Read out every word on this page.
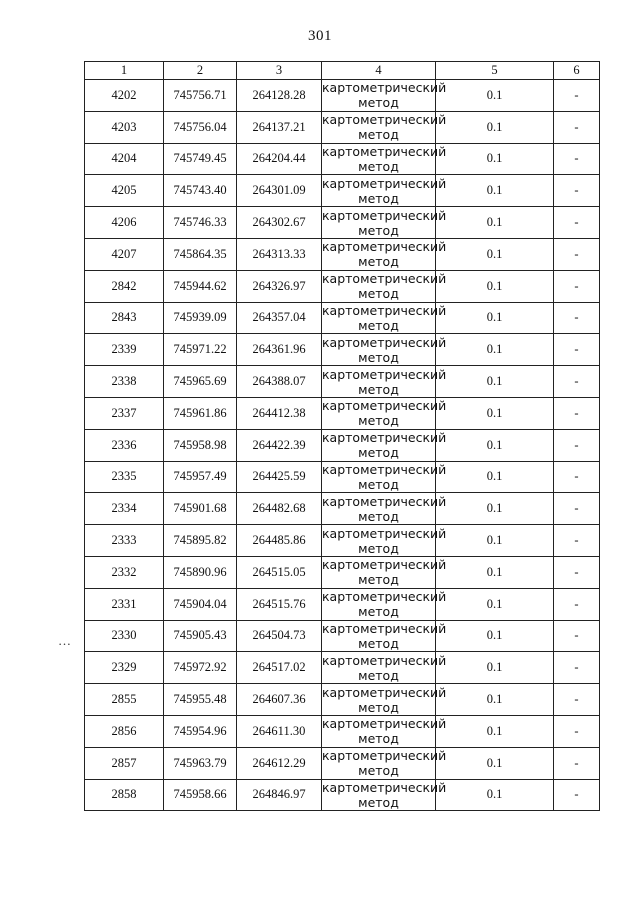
301
…
1	2	3	4	5	6
4202	745756.71	264128.28	картометрический
метод	0.1	-
4203	745756.04	264137.21	картометрический
метод	0.1	-
4204	745749.45	264204.44	картометрический
метод	0.1	-
4205	745743.40	264301.09	картометрический
метод	0.1	-
4206	745746.33	264302.67	картометрический
метод	0.1	-
4207	745864.35	264313.33	картометрический
метод	0.1	-
2842	745944.62	264326.97	картометрический
метод	0.1	-
2843	745939.09	264357.04	картометрический
метод	0.1	-
2339	745971.22	264361.96	картометрический
метод	0.1	-
2338	745965.69	264388.07	картометрический
метод	0.1	-
2337	745961.86	264412.38	картометрический
метод	0.1	-
2336	745958.98	264422.39	картометрический
метод	0.1	-
2335	745957.49	264425.59	картометрический
метод	0.1	-
2334	745901.68	264482.68	картометрический
метод	0.1	-
2333	745895.82	264485.86	картометрический
метод	0.1	-
2332	745890.96	264515.05	картометрический
метод	0.1	-
2331	745904.04	264515.76	картометрический
метод	0.1	-
2330	745905.43	264504.73	картометрический
метод	0.1	-
2329	745972.92	264517.02	картометрический
метод	0.1	-
2855	745955.48	264607.36	картометрический
метод	0.1	-
2856	745954.96	264611.30	картометрический
метод	0.1	-
2857	745963.79	264612.29	картометрический
метод	0.1	-
2858	745958.66	264846.97	картометрический
метод	0.1	-
